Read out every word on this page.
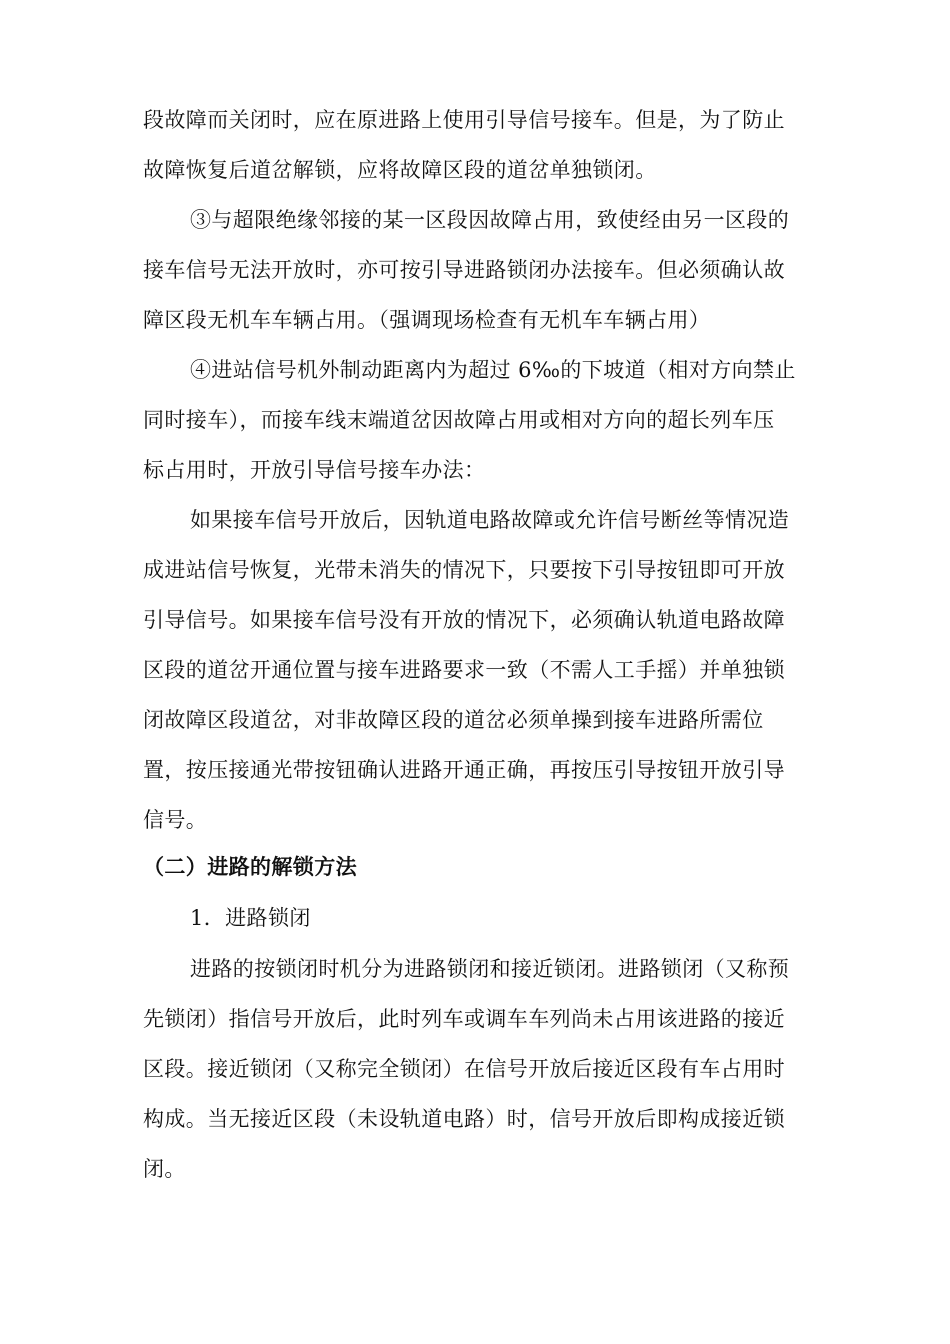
段故障而关闭时，应在原进路上使用引导信号接车。但是，为了防止
故障恢复后道岔解锁，应将故障区段的道岔单独锁闭。
③与超限绝缘邻接的某一区段因故障占用，致使经由另一区段的
接车信号无法开放时，亦可按引导进路锁闭办法接车。但必须确认故
障区段无机车车辆占用。（强调现场检查有无机车车辆占用）
④进站信号机外制动距离内为超过 6‰的下坡道（相对方向禁止
同时接车），而接车线末端道岔因故障占用或相对方向的超长列车压
标占用时，开放引导信号接车办法：
如果接车信号开放后，因轨道电路故障或允许信号断丝等情况造
成进站信号恢复，光带未消失的情况下，只要按下引导按钮即可开放
引导信号。如果接车信号没有开放的情况下，必须确认轨道电路故障
区段的道岔开通位置与接车进路要求一致（不需人工手摇）并单独锁
闭故障区段道岔，对非故障区段的道岔必须单操到接车进路所需位
置，按压接通光带按钮确认进路开通正确，再按压引导按钮开放引导
信号。
（二）进路的解锁方法
1．进路锁闭
进路的按锁闭时机分为进路锁闭和接近锁闭。进路锁闭（又称预
先锁闭）指信号开放后，此时列车或调车车列尚未占用该进路的接近
区段。接近锁闭（又称完全锁闭）在信号开放后接近区段有车占用时
构成。当无接近区段（未设轨道电路）时，信号开放后即构成接近锁
闭。
